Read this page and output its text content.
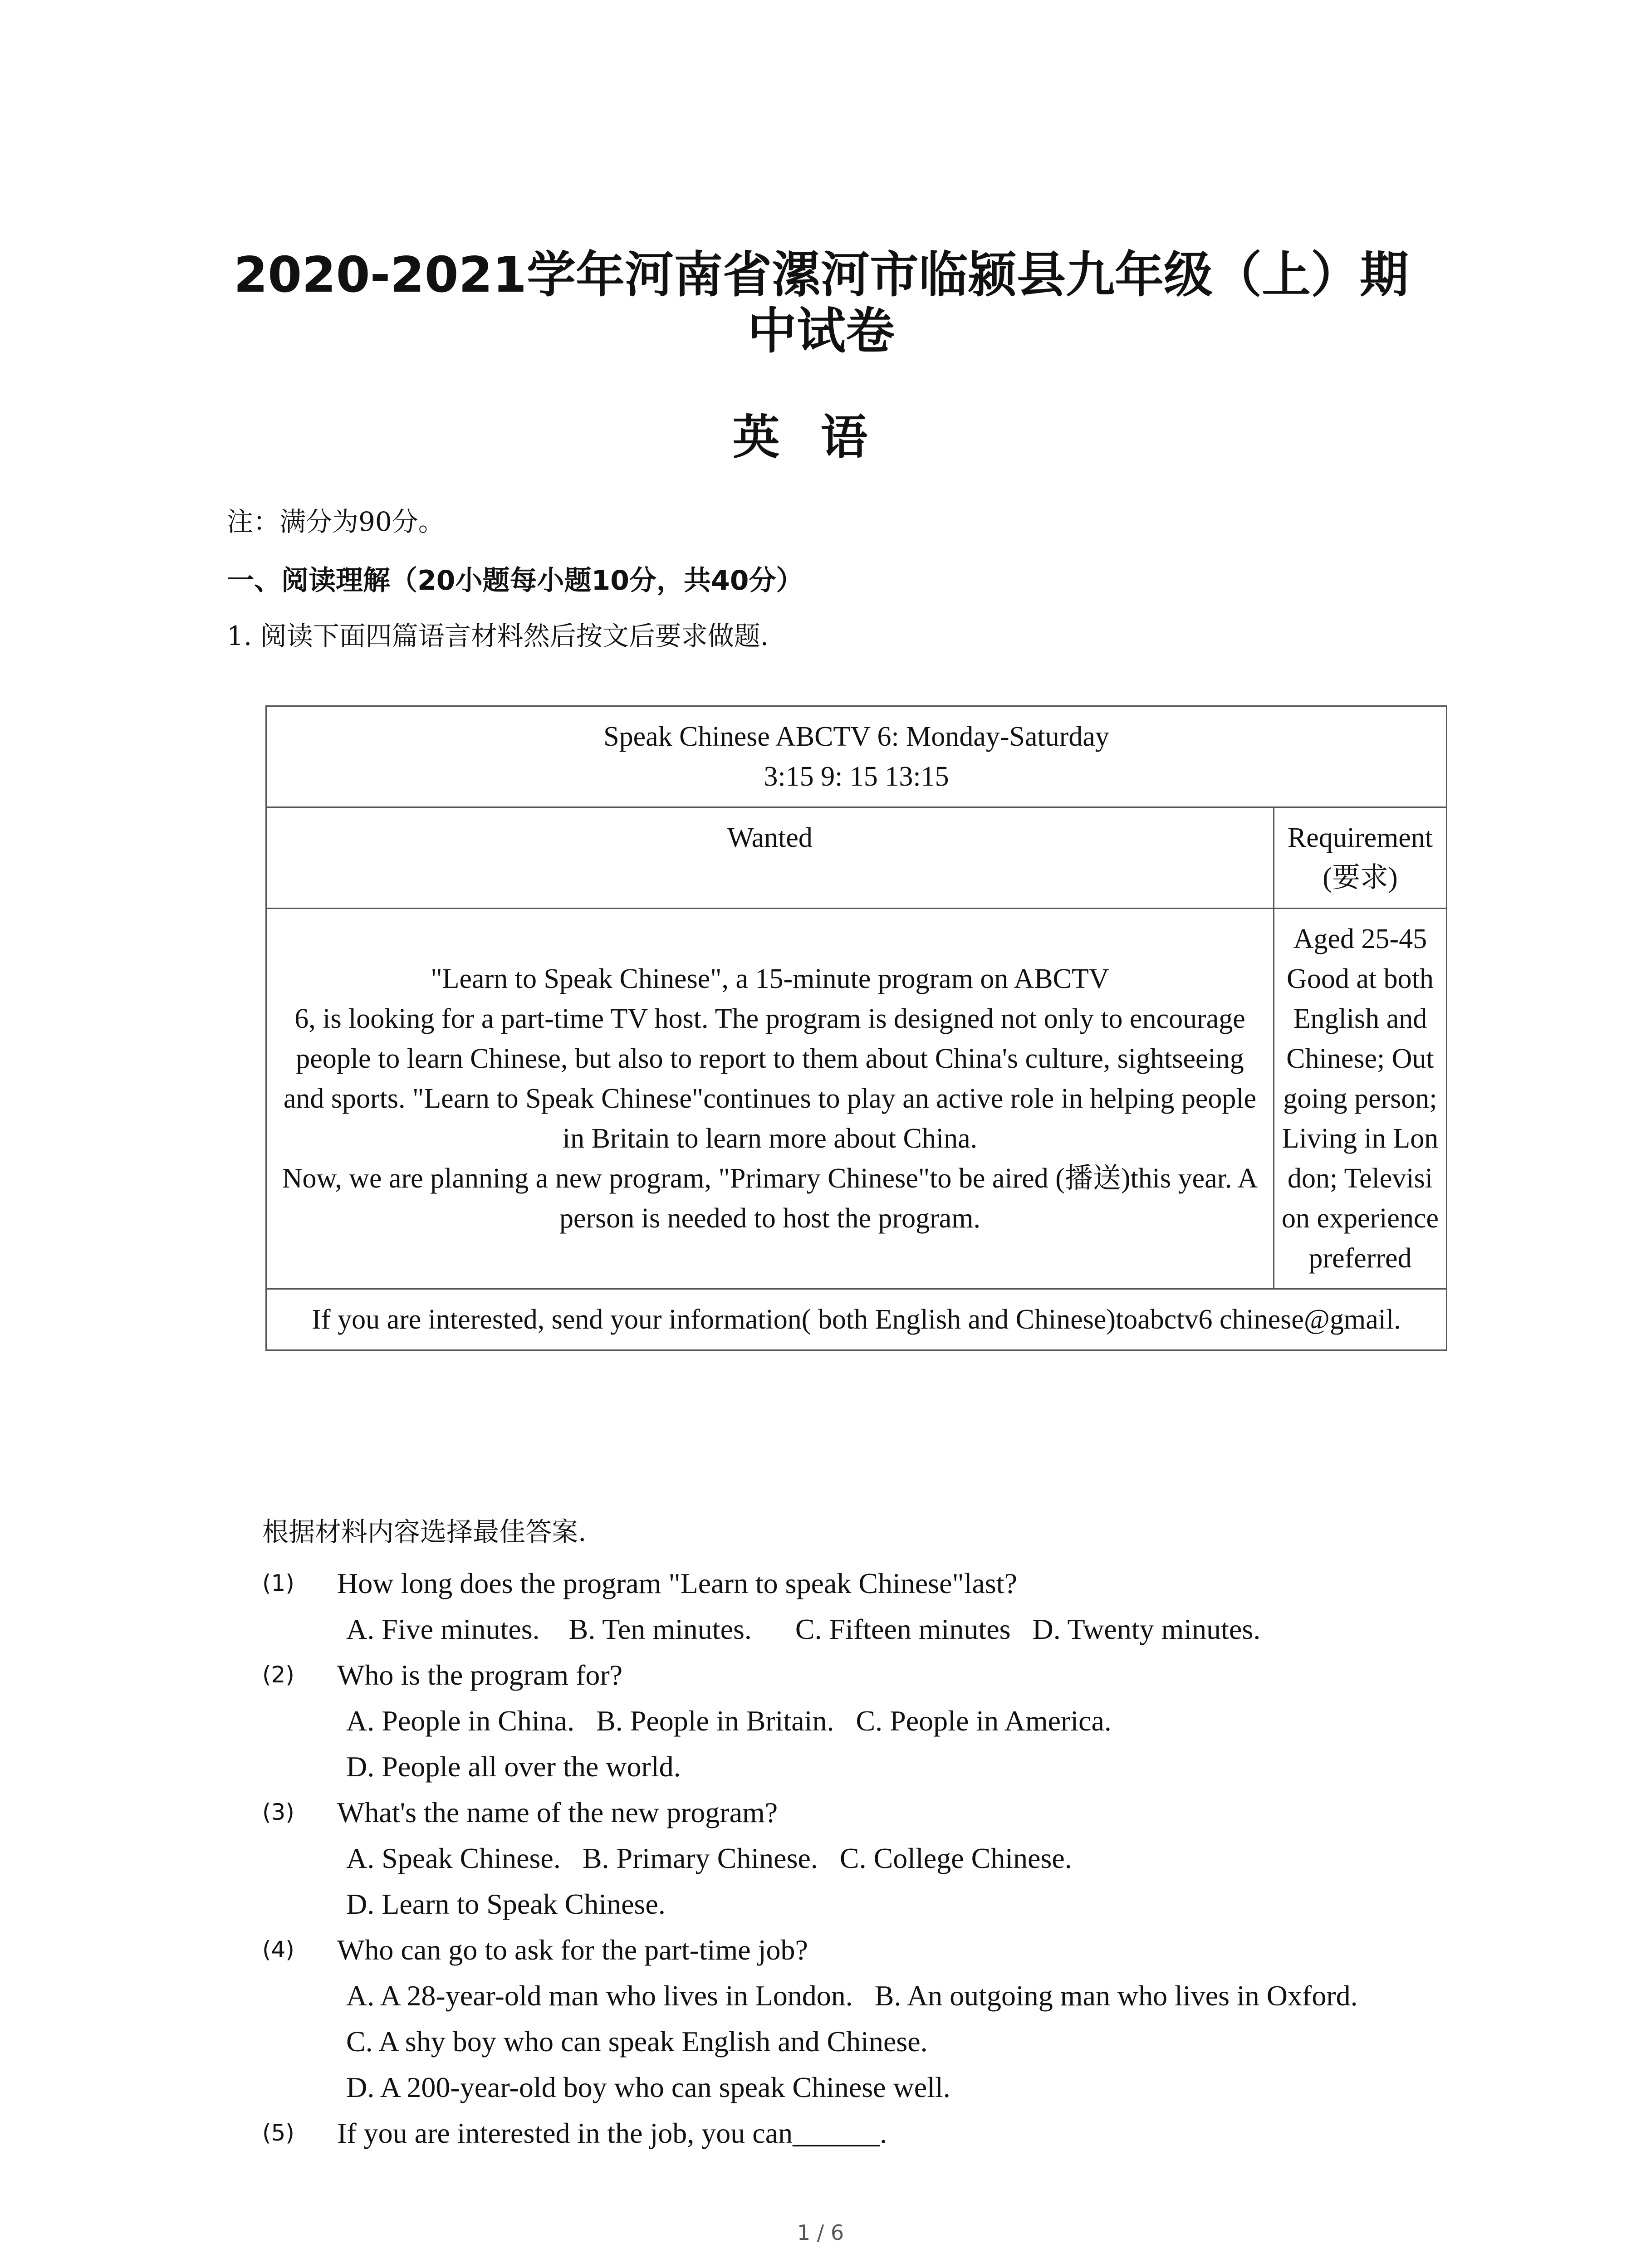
2020-2021学年河南省漯河市临颍县九年级（上）期中试卷
英语
注：满分为90分。
一、阅读理解（20小题每小题10分，共40分）
1. 阅读下面四篇语言材料然后按文后要求做题.
Speak Chinese ABCTV 6: Monday-Saturday
3:15 9: 15 13:15	
Wanted	Requirement (要求)
"Learn to Speak Chinese", a 15-minute program on ABCTV
6, is looking for a part-time TV host. The program is designed not only to encourage people to learn Chinese, but also to report to them about China's culture, sightseeing and sports. "Learn to Speak Chinese"continues to play an active role in helping people in Britain to learn more about China.
Now, we are planning a new program, "Primary Chinese"to be aired (播送)this year. A person is needed to host the program.	Aged 25-45 Good at both English and Chinese; Outgoing person; Living in London; Television experience preferred
If you are interested, send your information( both English and Chinese)toabctv6 chinese@gmail.	
根据材料内容选择最佳答案.
(1)	How long does the program "Learn to speak Chinese"last?
A. Five minutes.    B. Ten minutes.      C. Fifteen minutes   D. Twenty minutes.
(2)	Who is the program for?
A. People in China.   B. People in Britain.   C. People in America.
D. People all over the world.
(3)	What's the name of the new program?
A. Speak Chinese.   B. Primary Chinese.   C. College Chinese.
D. Learn to Speak Chinese.
(4)	Who can go to ask for the part-time job?
A. A 28-year-old man who lives in London.   B. An outgoing man who lives in Oxford.
C. A shy boy who can speak English and Chinese.
D. A 200-year-old boy who can speak Chinese well.
(5)	If you are interested in the job, you can______.
1 / 6
